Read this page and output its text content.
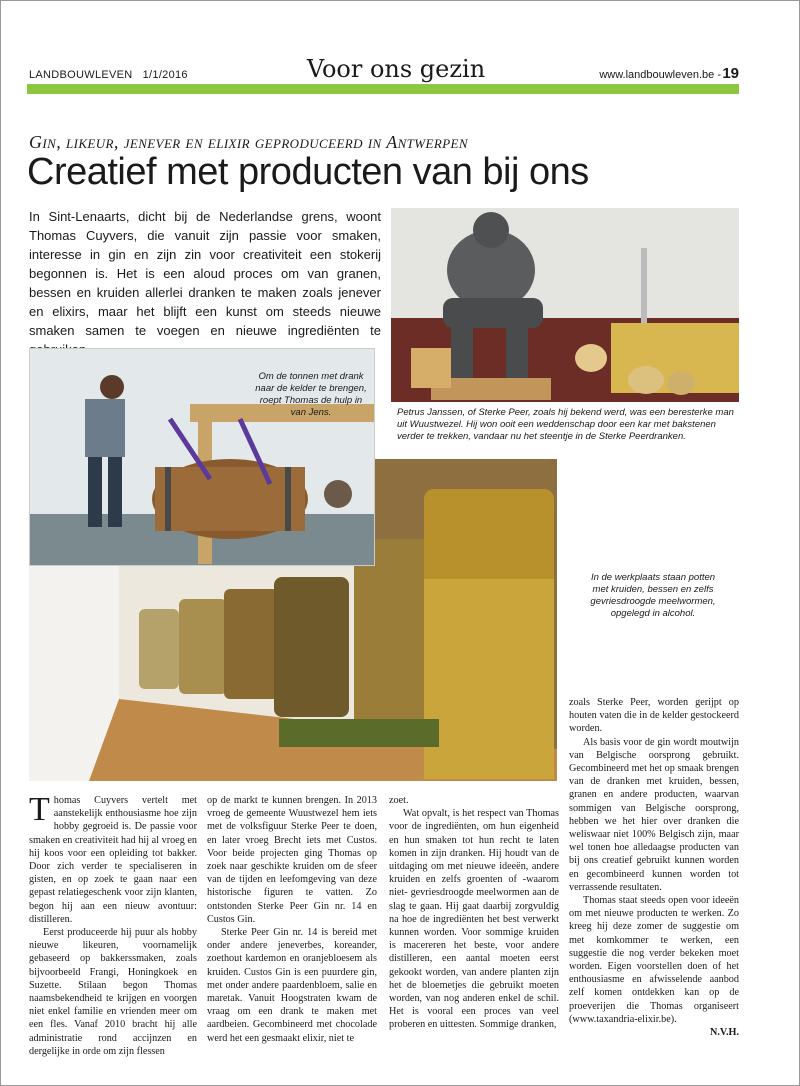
LANDBOUWLEVEN 1/1/2016	Voor ons gezin	www.landbouwleven.be - 19
Gin, likeur, jenever en elixir geproduceerd in Antwerpen
Creatief met producten van bij ons
In Sint-Lenaarts, dicht bij de Nederlandse grens, woont Thomas Cuyvers, die vanuit zijn passie voor smaken, interesse in gin en zijn zin voor creativiteit een stokerij begonnen is. Het is een aloud proces om van granen, bessen en kruiden allerlei dranken te maken zoals jenever en elixirs, maar het blijft een kunst om steeds nieuwe smaken samen te voegen en nieuwe ingrediënten te
Petrus Janssen, of Sterke Peer, zoals hij bekend werd, was een beresterke man uit Wuustwezel. Hij won ooit een weddenschap door een kar met bakstenen verder te trekken, vandaar nu het steentje in de Sterke Peerdranken.
Om de tonnen met drank naar de kelder te brengen, roept Thomas de hulp in van Jens.
In de werkplaats staan potten met kruiden, bessen en zelfs gevriesdroogde meelwormen, opgelegd in alcohol.

Thomas Cuyvers vertelt met aanstekelijk enthousiasme hoe zijn hobby gegroeid is. De passie voor smaken en creativiteit had hij al vroeg en hij koos voor een opleiding tot bakker. Door zich verder te specialiseren in gisten, en op zoek te gaan naar een gepast relatiegeschenk voor zijn klanten, begon hij aan een nieuw avontuur: distilleren.

Eerst produceerde hij puur als hobby nieuwe likeuren, voornamelijk gebaseerd op bakkerssmaken, zoals bijvoorbeeld Frangi, Honingkoek en Suzette. Stilaan begon Thomas naamsbekendheid te krijgen en voorgen niet enkel familie en vrienden meer om een fles. Vanaf 2010 bracht hij alle administratie rond accijnzen en dergelijke in orde om zijn flessen

op de markt te kunnen brengen. In 2013 vroeg de gemeente Wuustwezel hem iets met de volksfiguur Sterke Peer te doen, en later vroeg Brecht iets met Custos. Voor beide projecten ging Thomas op zoek naar geschikte kruiden om de sfeer van de tijden en leefomgeving van deze historische figuren te vatten. Zo ontstonden Sterke Peer Gin nr. 14 en Custos Gin.

Sterke Peer Gin nr. 14 is bereid met onder andere jeneverbes, koreander, zoethout kardemon en oranjebloesem als kruiden. Custos Gin is een puurdere gin, met onder andere paardenbloem, salie en maretak. Vanuit Hoogstraten kwam de vraag om een drank te maken met aardbeien. Gecombineerd met chocolade werd het een gesmaakt elixir, niet te

zoet.

Wat opvalt, is het respect van Thomas voor de ingrediënten, om hun eigenheid en hun smaken tot hun recht te laten komen in zijn dranken. Hij houdt van de uitdaging om met nieuwe ideeën, andere kruiden en zelfs groenten of -waarom niet- gevriesdroogde meelwormen aan de slag te gaan. Hij gaat daarbij zorgvuldig na hoe de ingrediënten het best verwerkt kunnen worden. Voor sommige kruiden is macereren het beste, voor andere distilleren, een aantal moeten eerst gekookt worden, van andere planten zijn het de bloemetjes die gebruikt moeten worden, van nog anderen enkel de schil. Het is vooral een proces van veel proberen en uittesten. Sommige dranken,

zoals Sterke Peer, worden gerijpt op houten vaten die in de kelder gestockeerd worden.

Als basis voor de gin wordt moutwijn van Belgische oorsprong gebruikt. Gecombineerd met het op smaak brengen van de dranken met kruiden, bessen, granen en andere producten, waarvan sommigen van Belgische oorsprong, hebben we het hier over dranken die weliswaar niet 100% Belgisch zijn, maar wel tonen hoe alledaagse producten van bij ons creatief gebruikt kunnen worden en gecombineerd kunnen worden tot verrassende resultaten.

Thomas staat steeds open voor ideeën om met nieuwe producten te werken. Zo kreeg hij deze zomer de suggestie om met komkommer te werken, een suggestie die nog verder bekeken moet worden. Eigen voorstellen doen of het enthousiasme en afwisselende aanbod zelf komen ontdekken kan op de proeverijen die Thomas organiseert (www.taxandria-elixir.be).

N.V.H.
